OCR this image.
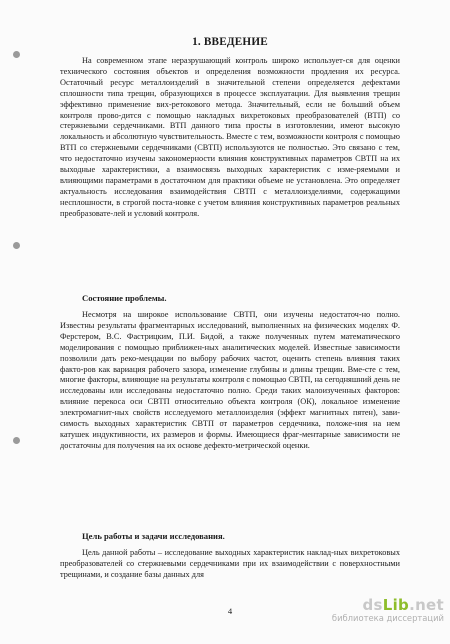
1. ВВЕДЕНИЕ

На современном этапе неразрушающий контроль широко использует-ся для оценки технического состояния объектов и определения возможности продления их ресурса. Остаточный ресурс металлоизделий в значительной степени определяется дефектами сплошности типа трещин, образующихся в процессе эксплуатации. Для выявления трещин эффективно применение вих-ретокового метода. Значительный, если не больший объем контроля прово-дится с помощью накладных вихретоковых преобразователей (ВТП) со стержневыми сердечниками. ВТП данного типа просты в изготовлении, имеют высокую локальность и абсолютную чувствительность. Вместе с тем, возможности контроля с помощью ВТП со стержневыми сердечниками (СВТП) используются не полностью. Это связано с тем, что недостаточно изучены закономерности влияния конструктивных параметров СВТП на их выходные характеристики, а взаимосвязь выходных характеристик с изме-ряемыми и влияющими параметрами в достаточном для практики объеме не установлена. Это определяет актуальность исследования взаимодействия СВТП с металлоизделиями, содержащими несплошности, в строгой поста-новке с учетом влияния конструктивных параметров реальных преобразовате-лей и условий контроля.

Состояние проблемы.

Несмотря на широкое использование СВТП, они изучены недостаточ-но полно. Известны результаты фрагментарных исследований, выполненных на физических моделях Ф. Ферстером, В.С. Фастрицким, П.И. Бидой, а также полученных путем математического моделирования с помощью приближен-ных аналитических моделей. Известные зависимости позволили дать реко-мендации по выбору рабочих частот, оценить степень влияния таких факто-ров как вариация рабочего зазора, изменение глубины и длины трещин. Вме-сте с тем, многие факторы, влияющие на результаты контроля с помощью СВТП, на сегодняшний день не исследованы или исследованы недостаточно полно. Среди таких малоизученных факторов: влияние перекоса оси СВТП относительно объекта контроля (ОК), локальное изменение электромагнит-ных свойств исследуемого металлоизделия (эффект магнитных пятен), зави-симость выходных характеристик СВТП от параметров сердечника, положе-ния на нем катушек индуктивности, их размеров и формы. Имеющиеся фраг-ментарные зависимости не достаточны для получения на их основе дефекто-метрической оценки.

Цель работы и задачи исследования.

Цель данной работы – исследование выходных характеристик наклад-ных вихретоковых преобразователей со стержневыми сердечниками при их взаимодействии с поверхностными трещинами, и создание базы данных для

4	dsLib.net
библиотека диссертаций
